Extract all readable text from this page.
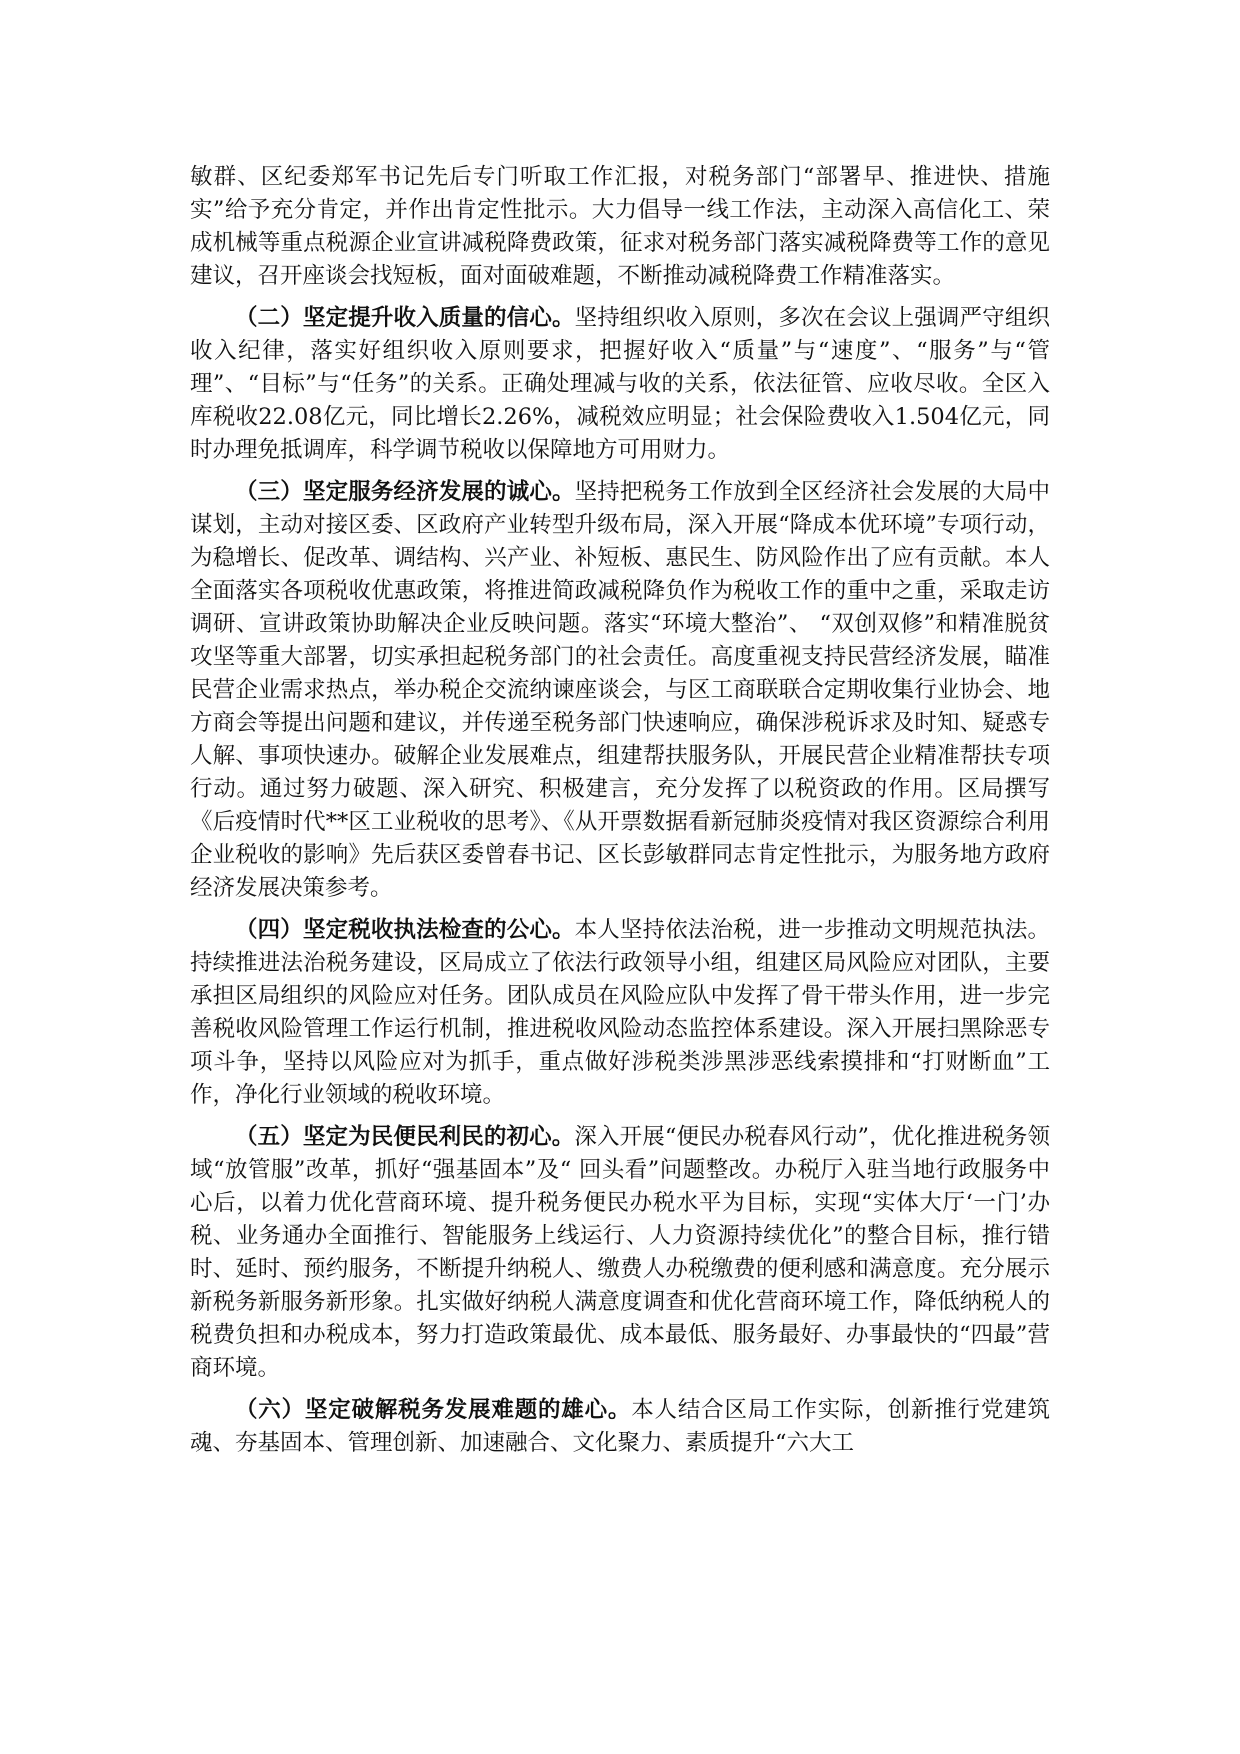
敏群、区纪委郑军书记先后专门听取工作汇报，对税务部门“部署早、推进快、措施实”给予充分肯定，并作出肯定性批示。大力倡导一线工作法，主动深入高信化工、荣成机械等重点税源企业宣讲减税降费政策，征求对税务部门落实减税降费等工作的意见建议，召开座谈会找短板，面对面破难题，不断推动减税降费工作精准落实。

（二）坚定提升收入质量的信心。坚持组织收入原则，多次在会议上强调严守组织收入纪律，落实好组织收入原则要求，把握好收入“质量”与“速度”、“服务”与“管理”、“目标”与“任务”的关系。正确处理减与收的关系，依法征管、应收尽收。全区入库税收22.08亿元，同比增长2.26%，减税效应明显；社会保险费收入1.504亿元，同时办理免抵调库，科学调节税收以保障地方可用财力。

（三）坚定服务经济发展的诚心。坚持把税务工作放到全区经济社会发展的大局中谋划，主动对接区委、区政府产业转型升级布局，深入开展“降成本优环境”专项行动，为稳增长、促改革、调结构、兴产业、补短板、惠民生、防风险作出了应有贡献。本人全面落实各项税收优惠政策，将推进简政减税降负作为税收工作的重中之重，采取走访调研、宣讲政策协助解决企业反映问题。落实“环境大整治”、 “双创双修”和精准脱贫攻坚等重大部署，切实承担起税务部门的社会责任。高度重视支持民营经济发展，瞄准民营企业需求热点，举办税企交流纳谏座谈会，与区工商联联合定期收集行业协会、地方商会等提出问题和建议，并传递至税务部门快速响应，确保涉税诉求及时知、疑惑专人解、事项快速办。破解企业发展难点，组建帮扶服务队，开展民营企业精准帮扶专项行动。通过努力破题、深入研究、积极建言，充分发挥了以税资政的作用。区局撰写《后疫情时代**区工业税收的思考》、《从开票数据看新冠肺炎疫情对我区资源综合利用企业税收的影响》先后获区委曾春书记、区长彭敏群同志肯定性批示，为服务地方政府经济发展决策参考。

（四）坚定税收执法检查的公心。本人坚持依法治税，进一步推动文明规范执法。持续推进法治税务建设，区局成立了依法行政领导小组，组建区局风险应对团队，主要承担区局组织的风险应对任务。团队成员在风险应队中发挥了骨干带头作用，进一步完善税收风险管理工作运行机制，推进税收风险动态监控体系建设。深入开展扫黑除恶专项斗争，坚持以风险应对为抓手，重点做好涉税类涉黑涉恶线索摸排和“打财断血”工作，净化行业领域的税收环境。

（五）坚定为民便民利民的初心。深入开展“便民办税春风行动”，优化推进税务领域“放管服”改革，抓好“强基固本”及“ 回头看”问题整改。办税厅入驻当地行政服务中心后，以着力优化营商环境、提升税务便民办税水平为目标，实现“实体大厅‘一门’办税、业务通办全面推行、智能服务上线运行、人力资源持续优化”的整合目标，推行错时、延时、预约服务，不断提升纳税人、缴费人办税缴费的便利感和满意度。充分展示新税务新服务新形象。扎实做好纳税人满意度调查和优化营商环境工作，降低纳税人的税费负担和办税成本，努力打造政策最优、成本最低、服务最好、办事最快的“四最”营商环境。

（六）坚定破解税务发展难题的雄心。本人结合区局工作实际，创新推行党建筑魂、夯基固本、管理创新、加速融合、文化聚力、素质提升“六大工
